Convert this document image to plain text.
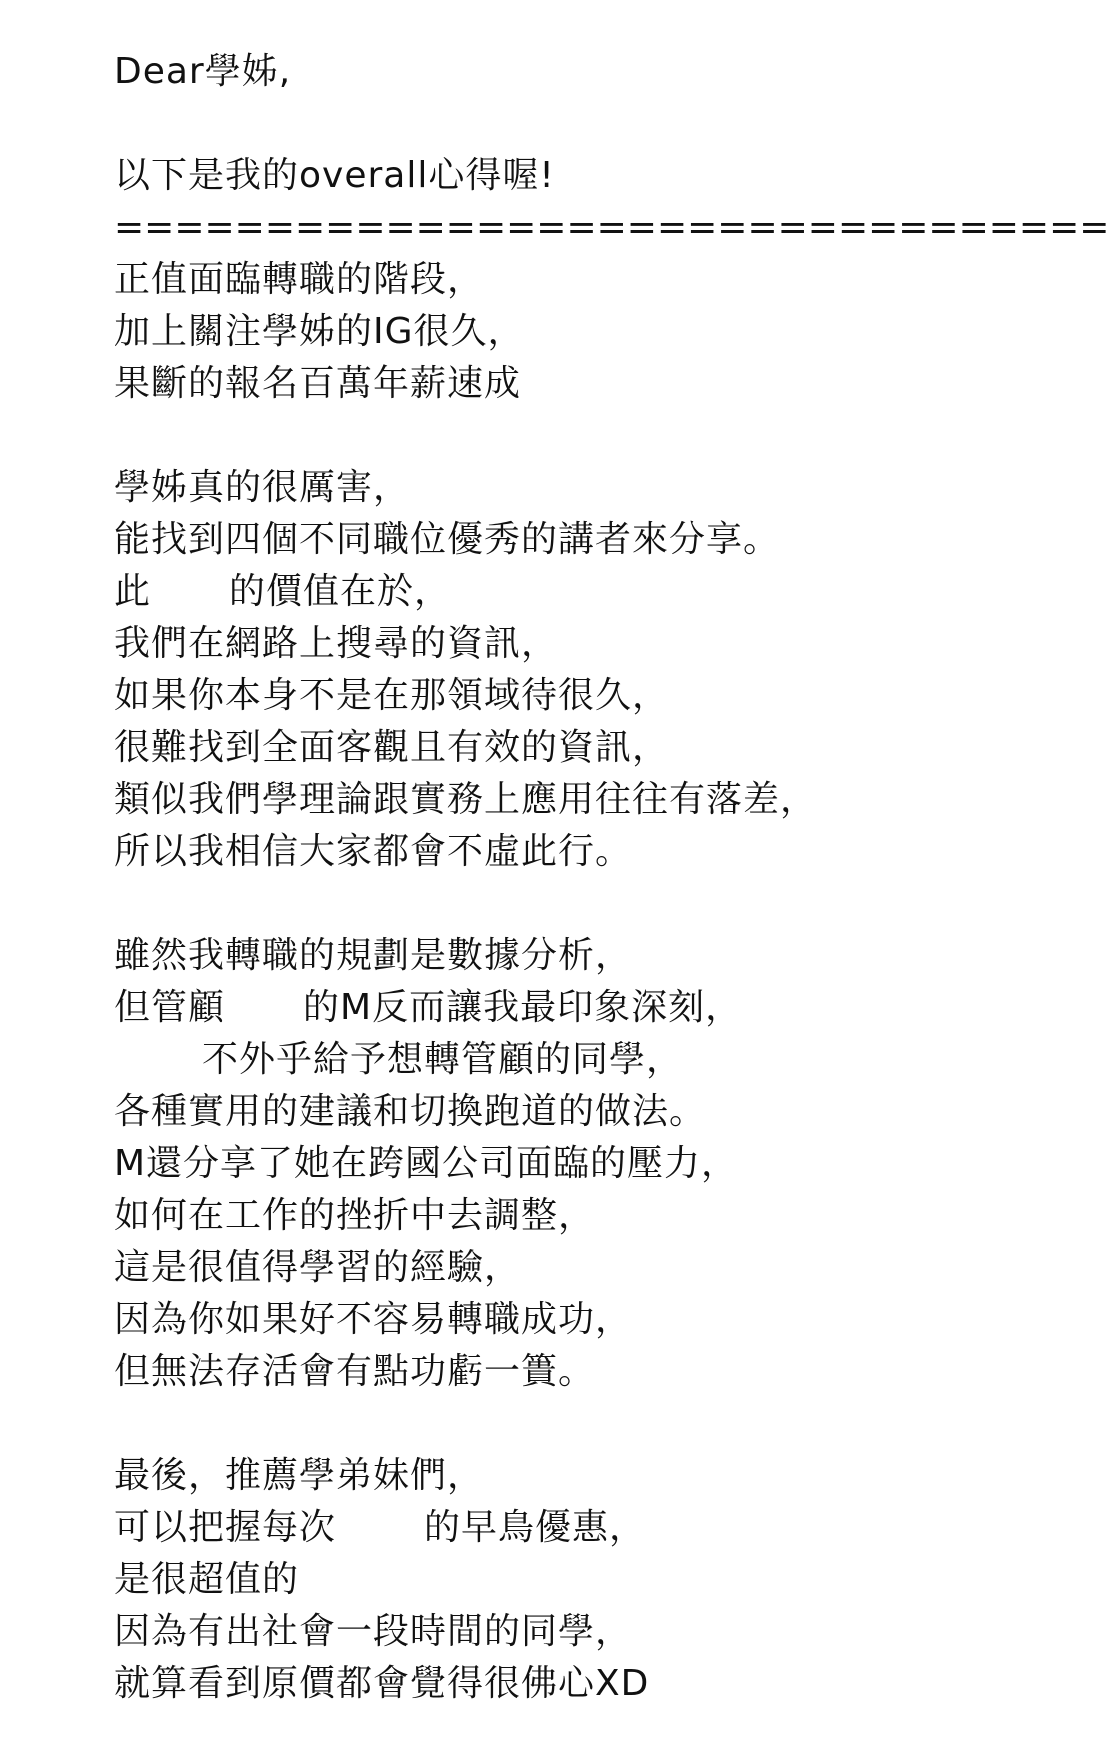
Dear學姊,
以下是我的overall心得喔!
=================================
正值面臨轉職的階段，
加上關注學姊的IG很久，
果斷的報名百萬年薪速成
學姊真的很厲害，
能找到四個不同職位優秀的講者來分享。
此 的價值在於，
我們在網路上搜尋的資訊，
如果你本身不是在那領域待很久，
很難找到全面客觀且有效的資訊，
類似我們學理論跟實務上應用往往有落差，
所以我相信大家都會不虛此行。
雖然我轉職的規劃是數據分析，
但管顧 的M反而讓我最印象深刻，
不外乎給予想轉管顧的同學，
各種實用的建議和切換跑道的做法。
M還分享了她在跨國公司面臨的壓力，
如何在工作的挫折中去調整，
這是很值得學習的經驗，
因為你如果好不容易轉職成功，
但無法存活會有點功虧一簣。
最後，推薦學弟妹們，
可以把握每次 的早鳥優惠，
是很超值的
因為有出社會一段時間的同學，
就算看到原價都會覺得很佛心XD
